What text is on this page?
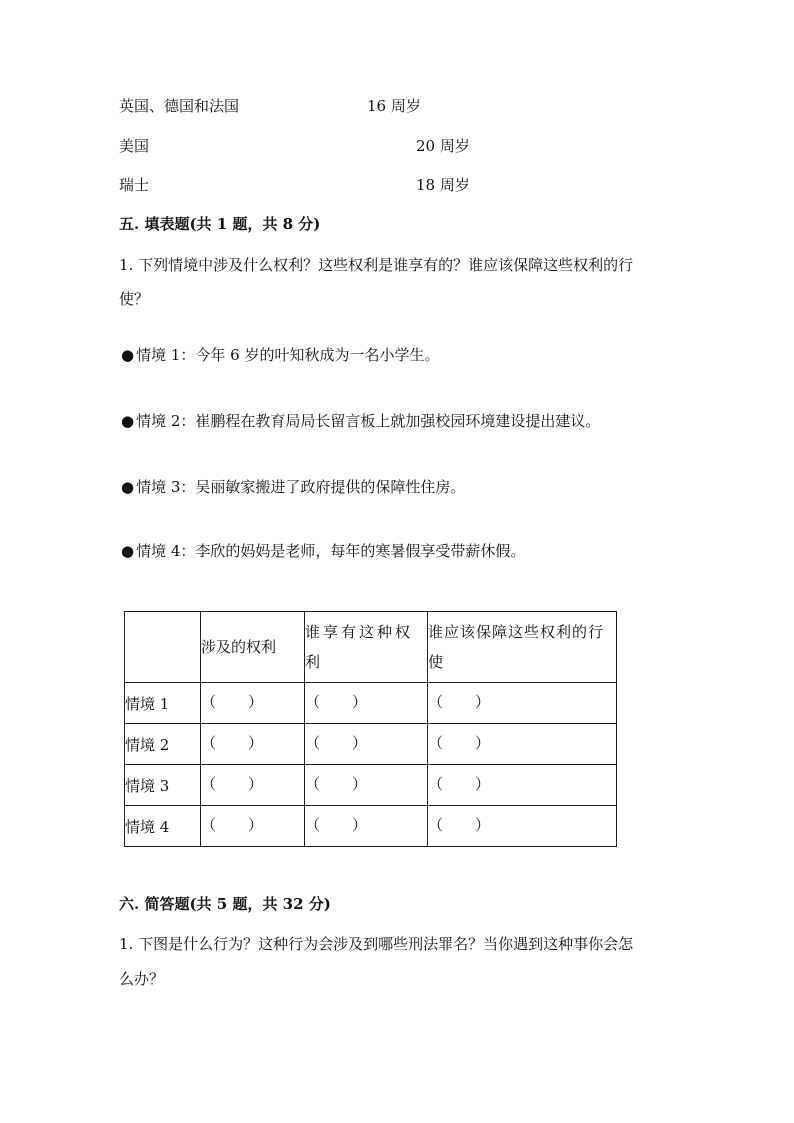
英国、德国和法国	16 周岁
美国	20 周岁
瑞士	18 周岁
五. 填表题(共 1 题，共 8 分)
1. 下列情境中涉及什么权利？这些权利是谁享有的？谁应该保障这些权利的行
使？
● 情境 1：今年 6 岁的叶知秋成为一名小学生。
● 情境 2：崔鹏程在教育局局长留言板上就加强校园环境建设提出建议。
● 情境 3：吴丽敏家搬进了政府提供的保障性住房。
● 情境 4：李欣的妈妈是老师，每年的寒暑假享受带薪休假。
	涉及的权利	谁享有这种权利	谁应该保障这些权利的行使
情境 1	（ ）	（ ）	（ ）

情境 2	（ ）	（ ）	（ ）

情境 3	（ ）	（ ）	（ ）

情境 4	（ ）	（ ）	（ ）
六. 简答题(共 5 题，共 32 分)
1. 下图是什么行为？这种行为会涉及到哪些刑法罪名？当你遇到这种事你会怎
么办？
